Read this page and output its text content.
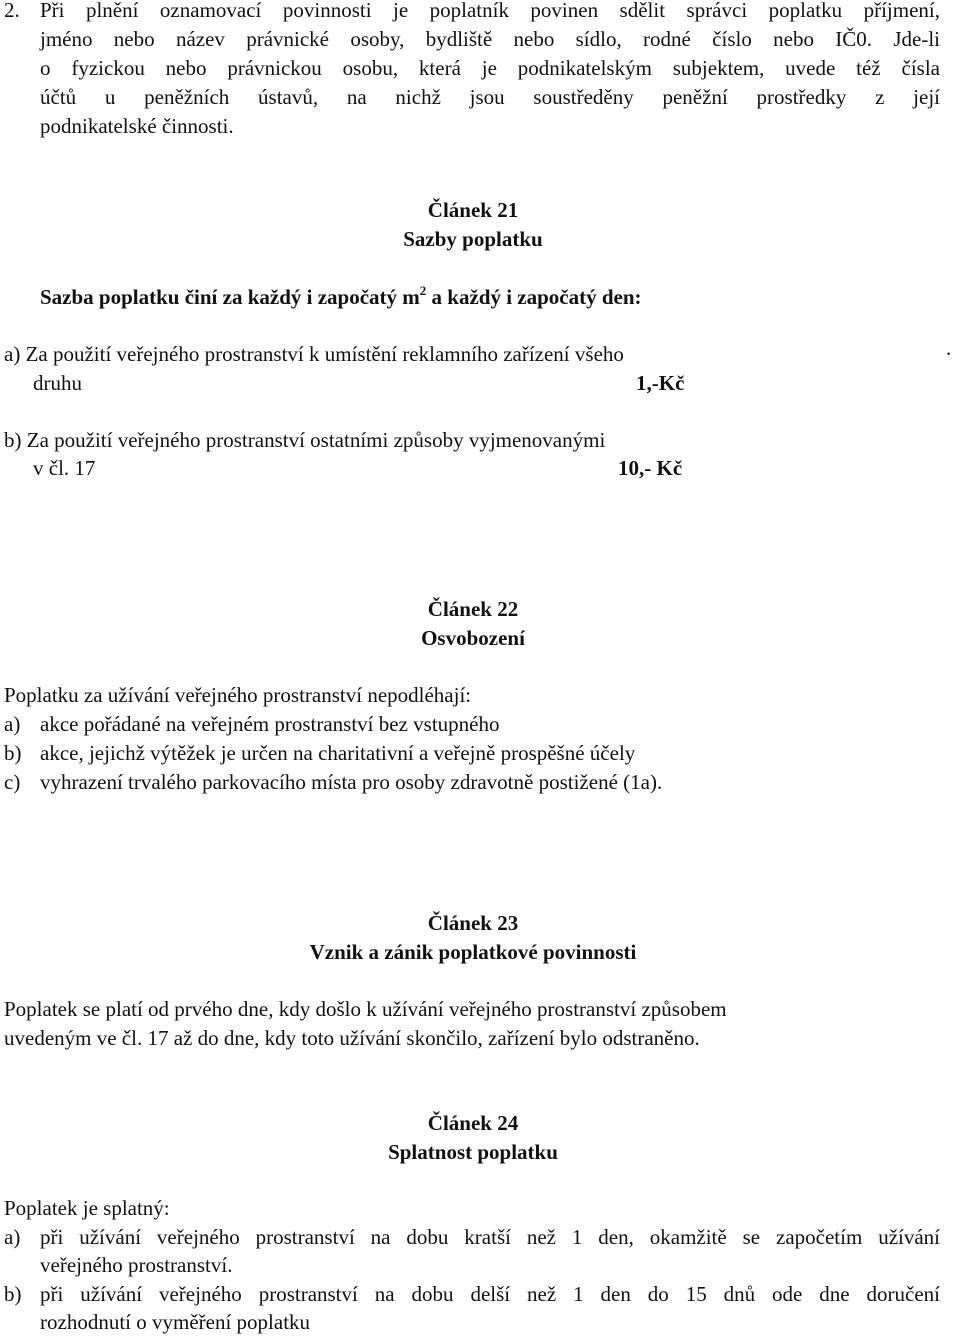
2. Při plnění oznamovací povinnosti je poplatník povinen sdělit správci poplatku příjmení,
jméno nebo název právnické osoby, bydliště nebo sídlo, rodné číslo nebo IČ0. Jde-li
o fyzickou nebo právnickou osobu, která je podnikatelským subjektem, uvede též čísla
účtů u peněžních ústavů, na nichž jsou soustředěny peněžní prostředky z její
podnikatelské činnosti.
Článek 21
Sazby poplatku
Sazba poplatku činí za každý i započatý $m^2$ a každý i započatý den:
a) Za použití veřejného prostranství k umístění reklamního zařízení všeho	.
druhu	1,-Kč
b) Za použití veřejného prostranství ostatními způsoby vyjmenovanými
v čl. 17	10,- Kč
Článek 22
Osvobození
Poplatku za užívání veřejného prostranství nepodléhají:
a) akce pořádané na veřejném prostranství bez vstupného
b) akce, jejichž výtěžek je určen na charitativní a veřejně prospěšné účely
c) vyhrazení trvalého parkovacího místa pro osoby zdravotně postižené (1a).
Článek 23
Vznik a zánik poplatkové povinnosti
Poplatek se platí od prvého dne, kdy došlo k užívání veřejného prostranství způsobem
uvedeným ve čl. 17 až do dne, kdy toto užívání skončilo, zařízení bylo odstraněno.
Článek 24
Splatnost poplatku
Poplatek je splatný:
a) při užívání veřejného prostranství na dobu kratší než 1 den, okamžitě se započetím užívání
veřejného prostranství.
b) při užívání veřejného prostranství na dobu delší než 1 den do 15 dnů ode dne doručení
rozhodnutí o vyměření poplatku
